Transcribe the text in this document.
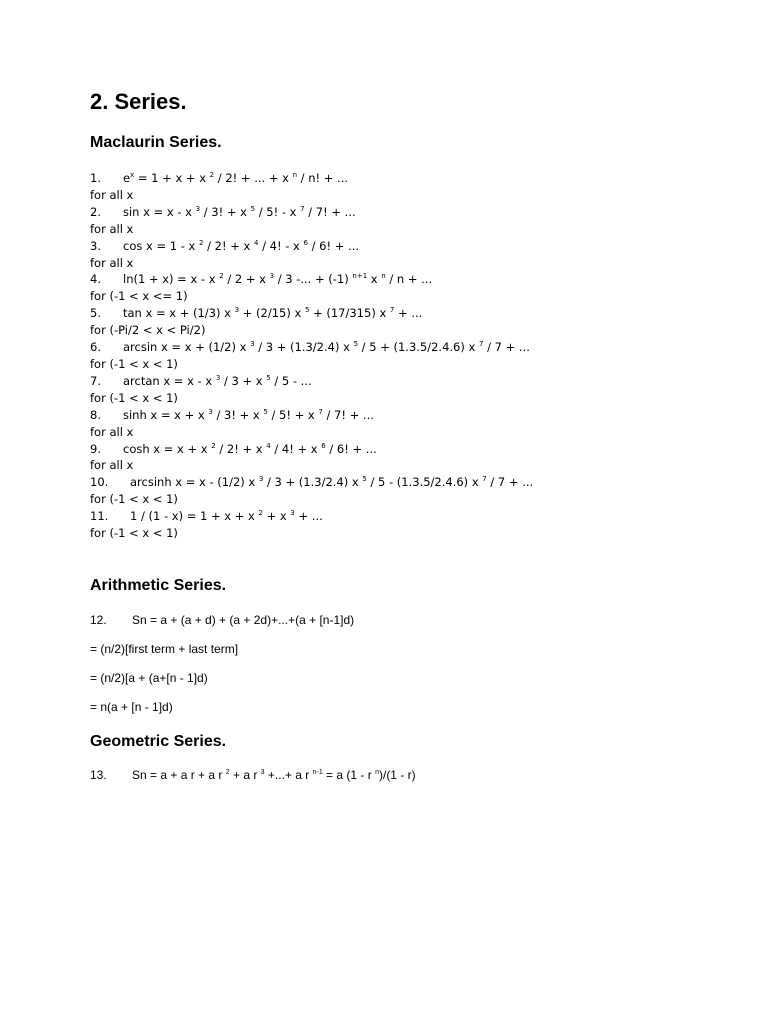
2. Series.
Maclaurin Series.
1. $e^x = 1 + x + x$ $^2$ / 2! + ... + x $^n$ / n! + ...
for all x
2. sin x = x - x $^3$ / 3! + x $^5$ / 5! - x $^7$ / 7! + ...
for all x
3. cos x = 1 - x $^2$ / 2! + x $^4$ / 4! - x $^6$ / 6! + ...
for all x
4. ln(1 + x) = x - x $^2$ / 2 + x $^3$ / 3 -... + (-1) $^{n+1}$ x $^n$ / n + ...
for (-1 < x <= 1)
5. tan x = x + (1/3) x $^3$ + (2/15) x $^5$ + (17/315) x $^7$ + ...
for (-Pi/2 < x < Pi/2)
6. arcsin x = x + (1/2) x $^3$ / 3 + (1.3/2.4) x $^5$ / 5 + (1.3.5/2.4.6) x $^7$ / 7 + ...
for (-1 < x < 1)
7. arctan x = x - x $^3$ / 3 + x $^5$ / 5 - ...
for (-1 < x < 1)
8. sinh x = x + x $^3$ / 3! + x $^5$ / 5! + x $^7$ / 7! + ...
for all x
9. cosh x = x + x $^2$ / 2! + x $^4$ / 4! + x $^6$ / 6! + ...
for all x
10. arcsinh x = x - (1/2) x $^3$ / 3 + (1.3/2.4) x $^5$ / 5 - (1.3.5/2.4.6) x $^7$ / 7 + ...
for (-1 < x < 1)
11. 1 / (1 - x) = 1 + x + x $^2$ + x $^3$ + ...
for (-1 < x < 1)
Arithmetic Series.
12. Sn = a + (a + d) + (a + 2d)+...+(a + [n-1]d)
= (n/2)[first term + last term]
= (n/2)[a + (a+[n - 1]d)
= n(a + [n - 1]d)
Geometric Series.
13. Sn = a + a r + a r $^2$ + a r $^3$ +...+ a r $^{n-1}$ = a (1 - r $^n$)/(1 - r)
